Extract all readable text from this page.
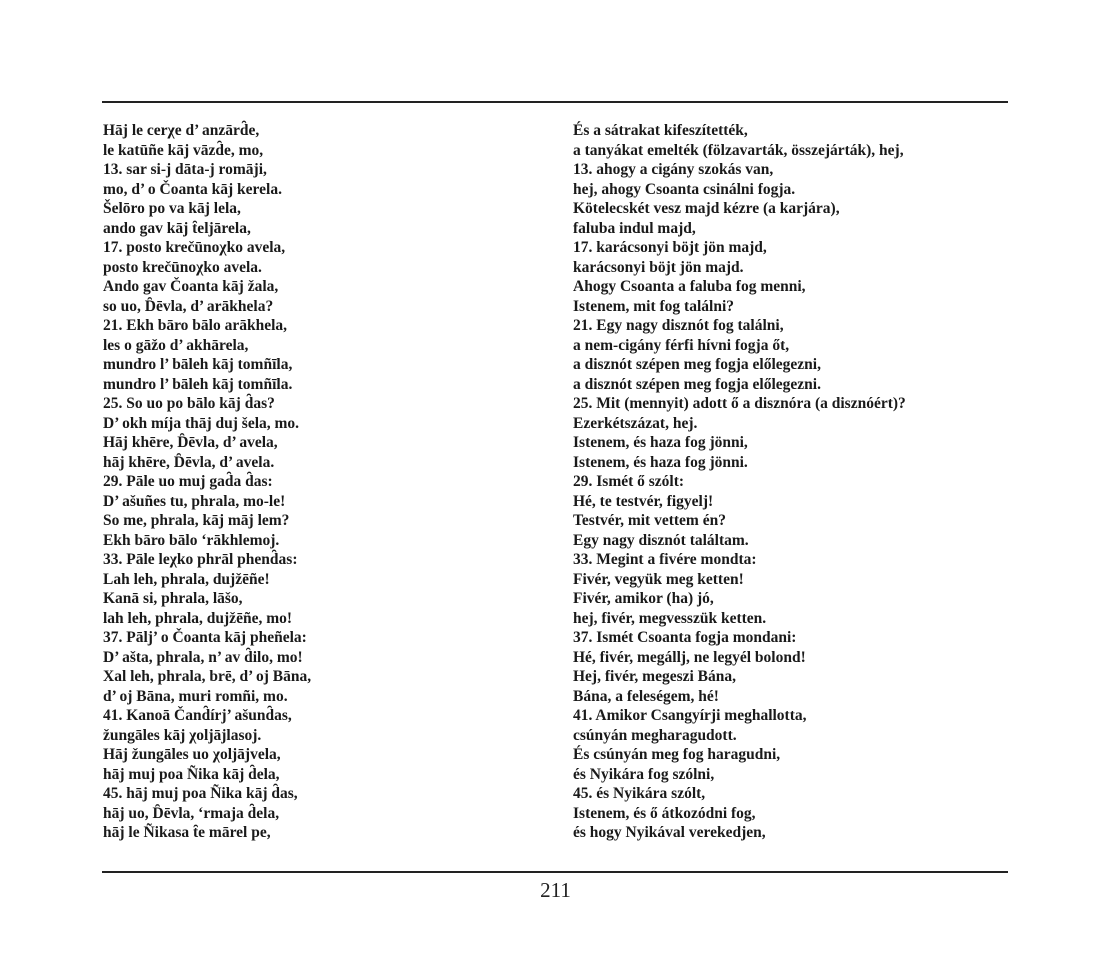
Hāj le cerχe d’ anzārd̑e,
le katūñe kāj vāzd̑e, mo,
13. sar si-j dāta-j romāji,
mo, d’ o Čoanta kāj kerela.
Šelōro po va kāj lela,
ando gav kāj t̑eljārela,
17. posto krečūnoχko avela,
posto krečūnoχko avela.
Ando gav Čoanta kāj žala,
so uo, D̑ēvla, d’ arākhela?
21. Ekh bāro bālo arākhela,
les o gāžo d’ akhārela,
mundro l’ bāleh kāj tomñīla,
mundro l’ bāleh kāj tomñīla.
25. So uo po bālo kāj d̑as?
D’ okh míja thāj duj šela, mo.
Hāj khēre, D̑ēvla, d’ avela,
hāj khēre, D̑ēvla, d’ avela.
29. Pāle uo muj gad̑a d̑as:
D’ ašuñes tu, phrala, mo-le!
So me, phrala, kāj māj lem?
Ekh bāro bālo ‘rākhlemoj.
33. Pāle leχko phrāl phend̑as:
Lah leh, phrala, dujžēñe!
Kanā si, phrala, lāšo,
lah leh, phrala, dujžēñe, mo!
37. Pālj’ o Čoanta kāj pheñela:
D’ ašta, phrala, n’ av d̑ilo, mo!
Xal leh, phrala, brē, d’ oj Bāna,
d’ oj Bāna, muri romñi, mo.
41. Kanoā Čand̑írj’ ašund̑as,
žungāles kāj χoljājlasoj.
Hāj žungāles uo χoljājvela,
hāj muj poa Ñika kāj d̑ela,
45. hāj muj poa Ñika kāj d̑as,
hāj uo, D̑ēvla, ‘rmaja d̑ela,
hāj le Ñikasa t̑e mārel pe,
És a sátrakat kifeszítették,
a tanyákat emelték (fölzavarták, összejárták), hej,
13. ahogy a cigány szokás van,
hej, ahogy Csoanta csinálni fogja.
Kötelecskét vesz majd kézre (a karjára),
faluba indul majd,
17. karácsonyi böjt jön majd,
karácsonyi böjt jön majd.
Ahogy Csoanta a faluba fog menni,
Istenem, mit fog találni?
21. Egy nagy disznót fog találni,
a nem-cigány férfi hívni fogja őt,
a disznót szépen meg fogja előlegezni,
a disznót szépen meg fogja előlegezni.
25. Mit (mennyit) adott ő a disznóra (a disznóért)?
Ezerkétszázat, hej.
Istenem, és haza fog jönni,
Istenem, és haza fog jönni.
29. Ismét ő szólt:
Hé, te testvér, figyelj!
Testvér, mit vettem én?
Egy nagy disznót találtam.
33. Megint a fivére mondta:
Fivér, vegyük meg ketten!
Fivér, amikor (ha) jó,
hej, fivér, megvesszük ketten.
37. Ismét Csoanta fogja mondani:
Hé, fivér, megállj, ne legyél bolond!
Hej, fivér, megeszi Bána,
Bána, a feleségem, hé!
41. Amikor Csangyírji meghallotta,
csúnyán megharagudott.
És csúnyán meg fog haragudni,
és Nyikára fog szólni,
45. és Nyikára szólt,
Istenem, és ő átkozódni fog,
és hogy Nyikával verekedjen,
211
